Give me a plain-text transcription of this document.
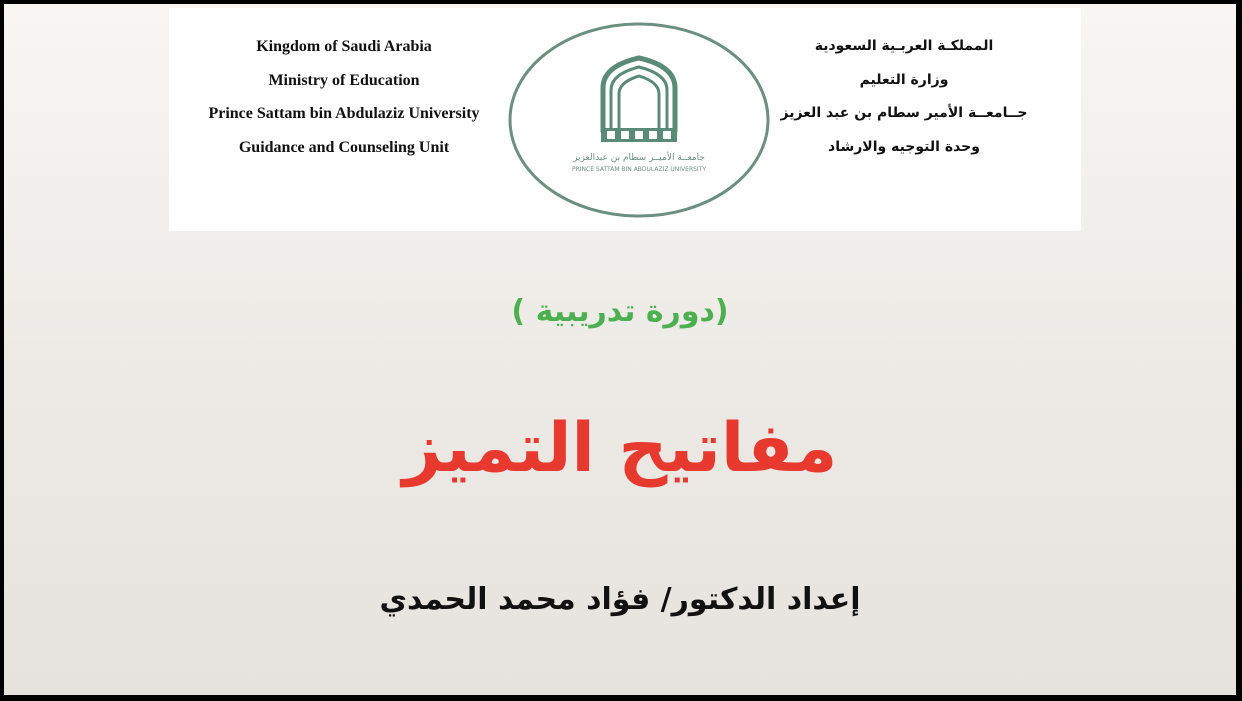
Kingdom of Saudi Arabia
Ministry of Education
Prince Sattam bin Abdulaziz University
Guidance and Counseling Unit
جامعــة الأميــر سطام بن عبدالعزيز
PRINCE SATTAM BIN ABDULAZIZ UNIVERSITY
المملكـة العربـية السعودية
وزارة التعليم
جــامعــة الأمير سطام بن عبد العزيز
وحدة التوجيه والارشاد
(دورة تدريبية )
مفاتيح التميز
إعداد الدكتور/ فؤاد محمد الحمدي
